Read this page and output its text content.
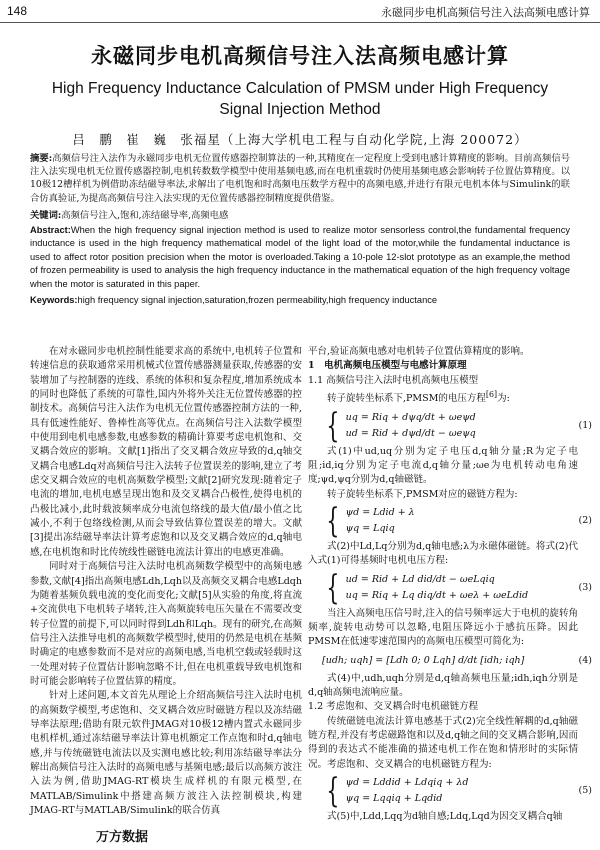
148	永磁同步电机高频信号注入法高频电感计算
永磁同步电机高频信号注入法高频电感计算
High Frequency Inductance Calculation of PMSM under High Frequency
Signal Injection Method
吕　鹏　崔　巍　张福星（上海大学机电工程与自动化学院,上海 200072）
摘要:高频信号注入法作为永磁同步电机无位置传感器控制算法的一种,其精度在一定程度上受到电感计算精度的影响。目前高频信号注入法实现电机无位置传感器控制,电机转数数学模型中使用基频电感,而在电机重载时仍使用基频电感会影响转子位置估算精度。以10极12槽样机为例借助冻结磁导率法,求解出了电机饱和时高频电压数学方程中的高频电感,并进行有限元电机本体与Simulink的联合仿真验证,为提高高频信号注入法实现的无位置传感器控制精度提供借鉴。
关键词:高频信号注入,饱和,冻结磁导率,高频电感
Abstract:When the high frequency signal injection method is used to realize motor sensorless control,the fundamental frequency inductance is used in the high frequency mathematical model of the light load of the motor,while the fundamental inductance is used to affect rotor position precision when the motor is overloaded.Taking a 10-pole 12-slot prototype as an example,the method of frozen permeability is used to analysis the high frequency inductance in the mathematical equation of the high frequency voltage when the motor is saturated in this paper.
Keywords:high frequency signal injection,saturation,frozen permeability,high frequency inductance

在对永磁同步电机控制性能要求高的系统中,电机转子位置和转速信息的获取通常采用机械式位置传感器测量获取,传感器的安装增加了与控制器的连线、系统的体积和复杂程度,增加系统成本的同时也降低了系统的可靠性,国内外将外关注无位置传感器的控制技术。高频信号注入法作为电机无位置传感器控制方法的一种,具有低速性能好、鲁棒性高等优点。在高频信号注入法数学模型中使用到电机电感参数,电感参数的精确计算要考虑电机饱和、交叉耦合效应的影响。文献[1]指出了交叉耦合效应导致的d,q轴交叉耦合电感Ldq对高频信号注入法转子位置误差的影响,建立了考虑交叉耦合效应的电机高频数学模型;文献[2]研究发现:随着定子电流的增加,电机电感呈现出饱和及交叉耦合凸极性,使得电机的凸极比减小,此时载波频率成分电流包络线的最大值/最小值之比减小,不利于包络线检测,从而会导致估算位置误差的增大。文献[3]提出冻结磁导率法计算考虑饱和以及交叉耦合效应的d,q轴电感,在电机饱和时比传统线性磁链电流法计算出的电感更准确。

同时对于高频信号注入法时电机高频数学模型中的高频电感参数,文献[4]指出高频电感Ldh,Lqh以及高频交叉耦合电感Ldqh为随着基频负载电流的变化而变化;文献[5]从实验的角度,将直流+交流供电下电机转子堵转,注入高频旋转电压矢量在不需要改变转子位置的前提下,可以同时得到Ldh和Lqh。现有的研究,在高频信号注入法推导电机的高频数学模型时,使用的仍然是电机在基频时确定的电感参数而不是对应的高频电感,当电机空载或轻载时这一处理对转子位置估计影响忽略不计,但在电机重载导致电机饱和时可能会影响转子位置估算的精度。

针对上述问题,本文首先从理论上介绍高频信号注入法时电机的高频数学模型,考虑饱和、交叉耦合效应时磁链方程以及冻结磁导率法原理;借助有限元软件JMAG对10极12槽内置式永磁同步电机样机,通过冻结磁导率法计算电机额定工作点饱和时d,q轴电感,并与传统磁链电流法以及实测电感比较;利用冻结磁导率法分解出高频信号注入法时的高频电感与基频电感;最后以高频方波注入法为例,借助JMAG-RT模块生成样机的有限元模型,在MATLAB/Simulink中搭建高频方波注入法控制模块,构建JMAG-RT与MATLAB/Simulink的联合仿真

平台,验证高频电感对电机转子位置估算精度的影响。

1　电机高频电压模型与电感计算原理
1.1 高频信号注入法时电机高频电压模型

转子旋转坐标系下,PMSM的电压方程[6]为:

{ uq = Riq + dψq/dt + ωeψd
ud = Rid + dψd/dt − ωeψq
(1)

式(1)中ud,uq分别为定子电压d,q轴分量;R为定子电阻;id,iq分别为定子电流d,q轴分量;ωe为电机转动电角速度;ψd,ψq分别为d,q轴磁链。

转子旋转坐标系下,PMSM对应的磁链方程为:

{ ψd = Ldid + λ
ψq = Lqiq
(2)

式(2)中Ld,Lq分别为d,q轴电感;λ为永磁体磁链。将式(2)代入式(1)可得基频时电机电压方程:

{ ud = Rid + Ld did/dt − ωeLqiq
uq = Riq + Lq diq/dt + ωeλ + ωeLdid
(3)

当注入高频电压信号时,注入的信号频率远大于电机的旋转角频率,旋转电动势可以忽略,电阻压降远小于感抗压降。因此PMSM在低速零速范围内的高频电压模型可简化为:

[udh; uqh] = [Ldh 0; 0 Lqh] d/dt [idh; iqh]	(4)

式(4)中,udh,uqh分别是d,q轴高频电压量;idh,iqh分别是d,q轴高频电流响应量。

1.2 考虑饱和、交叉耦合时电机磁链方程

传统磁链电流法计算电感基于式(2)完全线性解耦的d,q轴磁链方程,并没有考虑磁路饱和以及d,q轴之间的交叉耦合影响,因而得到的表达式不能准确的描述电机工作在饱和情形时的实际情况。考虑饱和、交叉耦合的电机磁链方程为:

{ ψd = Lddid + Ldqiq + λd
ψq = Lqqiq + Lqdid
(5)

式(5)中,Ldd,Lqq为d轴自感;Ldq,Lqd为因交叉耦合q轴

万方数据
